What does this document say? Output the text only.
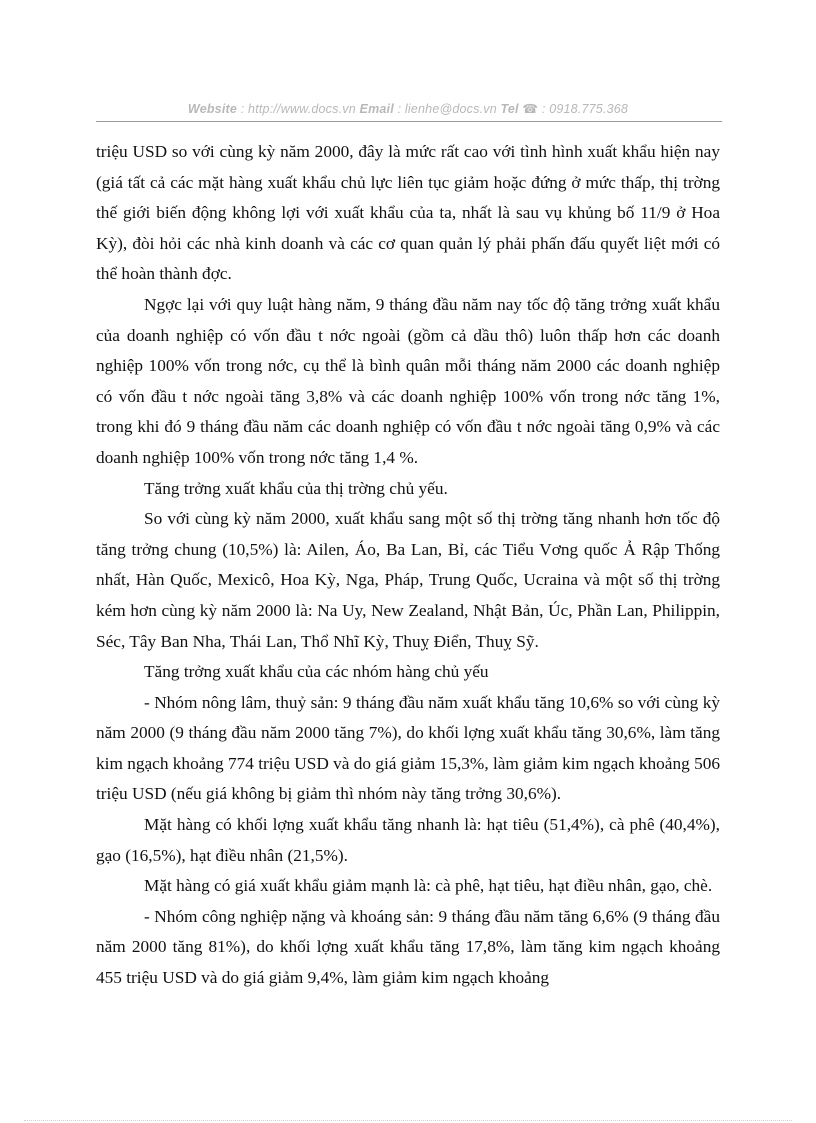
Website : http://www.docs.vn Email : lienhe@docs.vn Tel ☎ : 0918.775.368

triệu USD so với cùng kỳ năm 2000, đây là mức rất cao với tình hình xuất khẩu hiện nay (giá tất cả các mặt hàng xuất khẩu chủ lực liên tục giảm hoặc đứng ở mức thấp, thị trờng thế giới biến động không lợi với xuất khẩu của ta, nhất là sau vụ khủng bố 11/9 ở Hoa Kỳ), đòi hỏi các nhà kinh doanh và các cơ quan quản lý phải phấn đấu quyết liệt mới có thể hoàn thành đợc.

Ngợc lại với quy luật hàng năm, 9 tháng đầu năm nay tốc độ tăng trởng xuất khẩu của doanh nghiệp có vốn đầu t nớc ngoài (gồm cả dầu thô) luôn thấp hơn các doanh nghiệp 100% vốn trong nớc, cụ thể là bình quân mỗi tháng năm 2000 các doanh nghiệp có vốn đầu t nớc ngoài tăng 3,8% và các doanh nghiệp 100% vốn trong nớc tăng 1%, trong khi đó 9 tháng đầu năm các doanh nghiệp có vốn đầu t nớc ngoài tăng 0,9% và các doanh nghiệp 100% vốn trong nớc tăng 1,4 %.

Tăng trởng xuất khẩu của thị trờng chủ yếu.

So với cùng kỳ năm 2000, xuất khẩu sang một số thị trờng tăng nhanh hơn tốc độ tăng trởng chung (10,5%) là: Ailen, Áo, Ba Lan, Bỉ, các Tiểu Vơng quốc Ả Rập Thống nhất, Hàn Quốc, Mexicô, Hoa Kỳ, Nga, Pháp, Trung Quốc, Ucraina và một số thị trờng kém hơn cùng kỳ năm 2000 là: Na Uy, New Zealand, Nhật Bản, Úc, Phần Lan, Philippin, Séc, Tây Ban Nha, Thái Lan, Thổ Nhĩ Kỳ, Thuỵ Điển, Thuỵ Sỹ.

Tăng trởng xuất khẩu của các nhóm hàng chủ yếu

- Nhóm nông lâm, thuỷ sản: 9 tháng đầu năm xuất khẩu tăng 10,6% so với cùng kỳ năm 2000 (9 tháng đầu năm 2000 tăng 7%), do khối lợng xuất khẩu tăng 30,6%, làm tăng kim ngạch khoảng 774 triệu USD và do giá giảm 15,3%, làm giảm kim ngạch khoảng 506 triệu USD (nếu giá không bị giảm thì nhóm này tăng trởng 30,6%).

Mặt hàng có khối lợng xuất khẩu tăng nhanh là: hạt tiêu (51,4%), cà phê (40,4%), gạo (16,5%), hạt điều nhân (21,5%).

Mặt hàng có giá xuất khẩu giảm mạnh là: cà phê, hạt tiêu, hạt điều nhân, gạo, chè.

- Nhóm công nghiệp nặng và khoáng sản: 9 tháng đầu năm tăng 6,6% (9 tháng đầu năm 2000 tăng 81%), do khối lợng xuất khẩu tăng 17,8%, làm tăng kim ngạch khoảng 455 triệu USD và do giá giảm 9,4%, làm giảm kim ngạch khoảng
